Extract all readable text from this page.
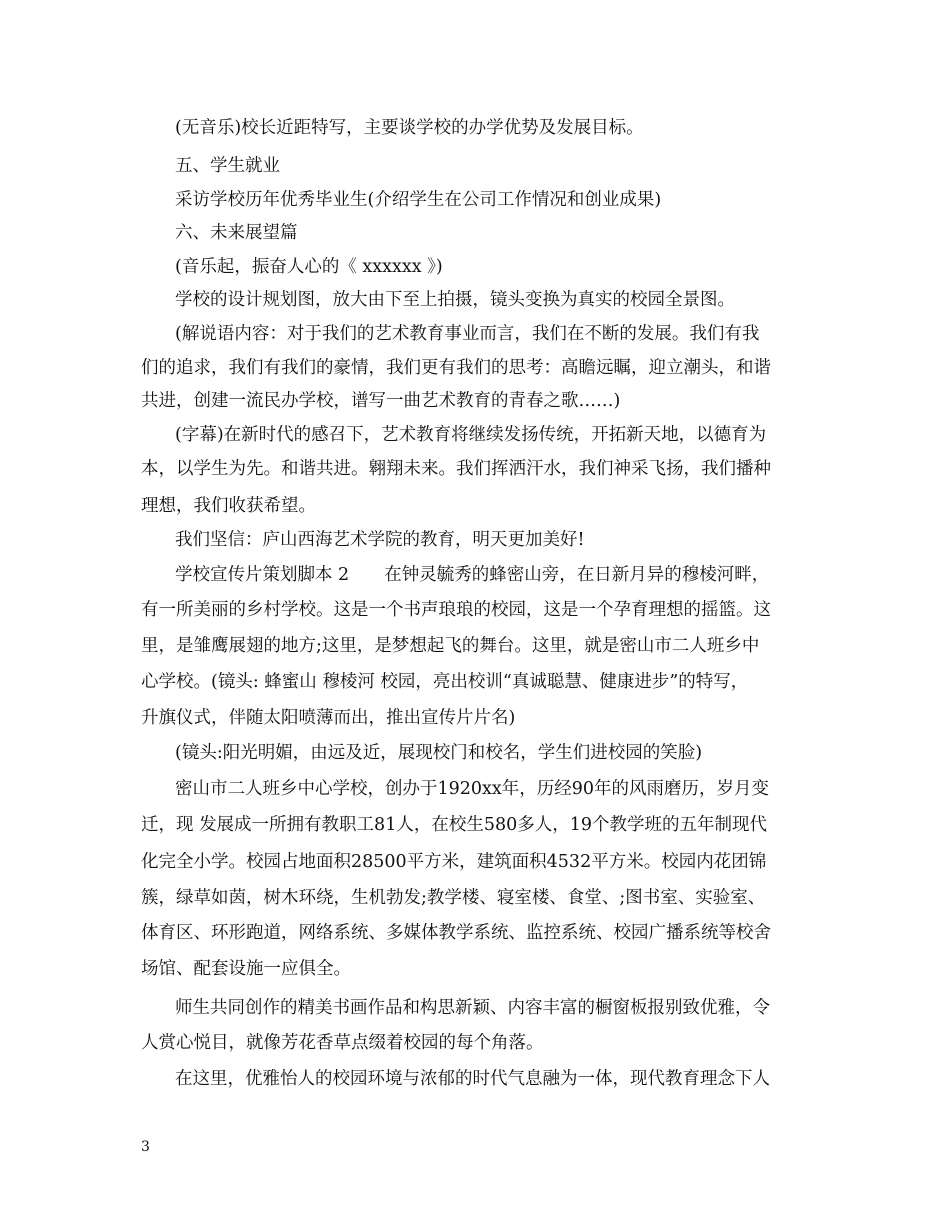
(无音乐)校长近距特写，主要谈学校的办学优势及发展目标。
五、学生就业
采访学校历年优秀毕业生(介绍学生在公司工作情况和创业成果)
六、未来展望篇
(音乐起，振奋人心的《 xxxxxx 》)
学校的设计规划图，放大由下至上拍摄，镜头变换为真实的校园全景图。
(解说语内容：对于我们的艺术教育事业而言，我们在不断的发展。我们有我
们的追求，我们有我们的豪情，我们更有我们的思考：高瞻远瞩，迎立潮头，和谐
共进，创建一流民办学校，谱写一曲艺术教育的青春之歌……)
(字幕)在新时代的感召下，艺术教育将继续发扬传统，开拓新天地，以德育为
本，以学生为先。和谐共进。翱翔未来。我们挥洒汗水，我们神采飞扬，我们播种
理想，我们收获希望。
我们坚信：庐山西海艺术学院的教育，明天更加美好!
学校宣传片策划脚本 2　　在钟灵毓秀的蜂密山旁，在日新月异的穆棱河畔，
有一所美丽的乡村学校。这是一个书声琅琅的校园，这是一个孕育理想的摇篮。这
里，是雏鹰展翅的地方;这里，是梦想起飞的舞台。这里，就是密山市二人班乡中
心学校。(镜头: 蜂蜜山 穆棱河 校园，亮出校训“真诚聪慧、健康进步”的特写，
升旗仪式，伴随太阳喷薄而出，推出宣传片片名)
(镜头:阳光明媚，由远及近，展现校门和校名，学生们进校园的笑脸)
密山市二人班乡中心学校，创办于1920xx年，历经90年的风雨磨历，岁月变
迁，现 发展成一所拥有教职工81人，在校生580多人，19个教学班的五年制现代
化完全小学。校园占地面积28500平方米，建筑面积4532平方米。校园内花团锦
簇，绿草如茵，树木环绕，生机勃发;教学楼、寝室楼、食堂、;图书室、实验室、
体育区、环形跑道，网络系统、多媒体教学系统、监控系统、校园广播系统等校舍
场馆、配套设施一应俱全。
师生共同创作的精美书画作品和构思新颖、内容丰富的橱窗板报别致优雅，令
人赏心悦目，就像芳花香草点缀着校园的每个角落。
在这里，优雅怡人的校园环境与浓郁的时代气息融为一体，现代教育理念下人
3
